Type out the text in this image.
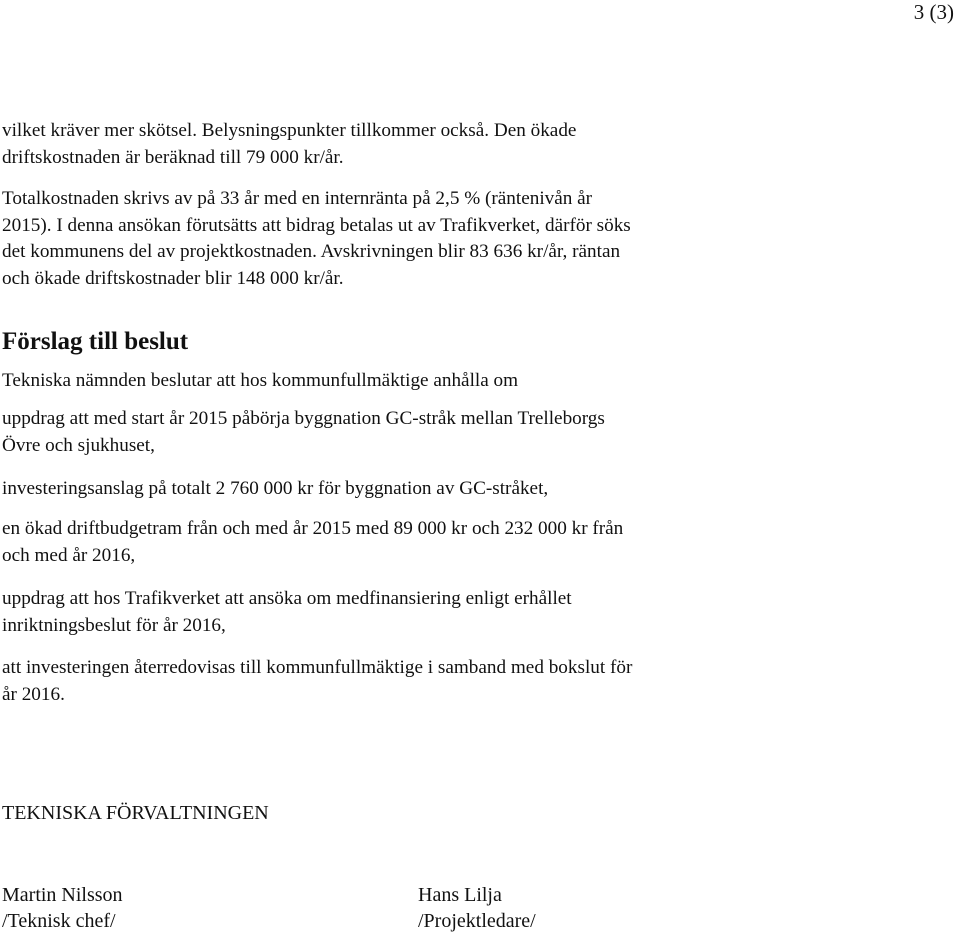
3 (3)

vilket kräver mer skötsel. Belysningspunkter tillkommer också. Den ökade
driftskostnaden är beräknad till 79 000 kr/år.

Totalkostnaden skrivs av på 33 år med en internränta på 2,5 % (räntenivån år
2015). I denna ansökan förutsätts att bidrag betalas ut av Trafikverket, därför söks
det kommunens del av projektkostnaden. Avskrivningen blir 83 636 kr/år, räntan
och ökade driftskostnader blir 148 000 kr/år.

Förslag till beslut

Tekniska nämnden beslutar att hos kommunfullmäktige anhålla om

uppdrag att med start år 2015 påbörja byggnation GC-stråk mellan Trelleborgs
Övre och sjukhuset,

investeringsanslag på totalt 2 760 000 kr för byggnation av GC-stråket,

en ökad driftbudgetram från och med år 2015 med 89 000 kr och 232 000 kr från
och med år 2016,

uppdrag att hos Trafikverket att ansöka om medfinansiering enligt erhållet
inriktningsbeslut för år 2016,

att investeringen återredovisas till kommunfullmäktige i samband med bokslut för
år 2016.

TEKNISKA FÖRVALTNINGEN

Martin Nilsson
/Teknisk chef/
Hans Lilja
/Projektledare/
